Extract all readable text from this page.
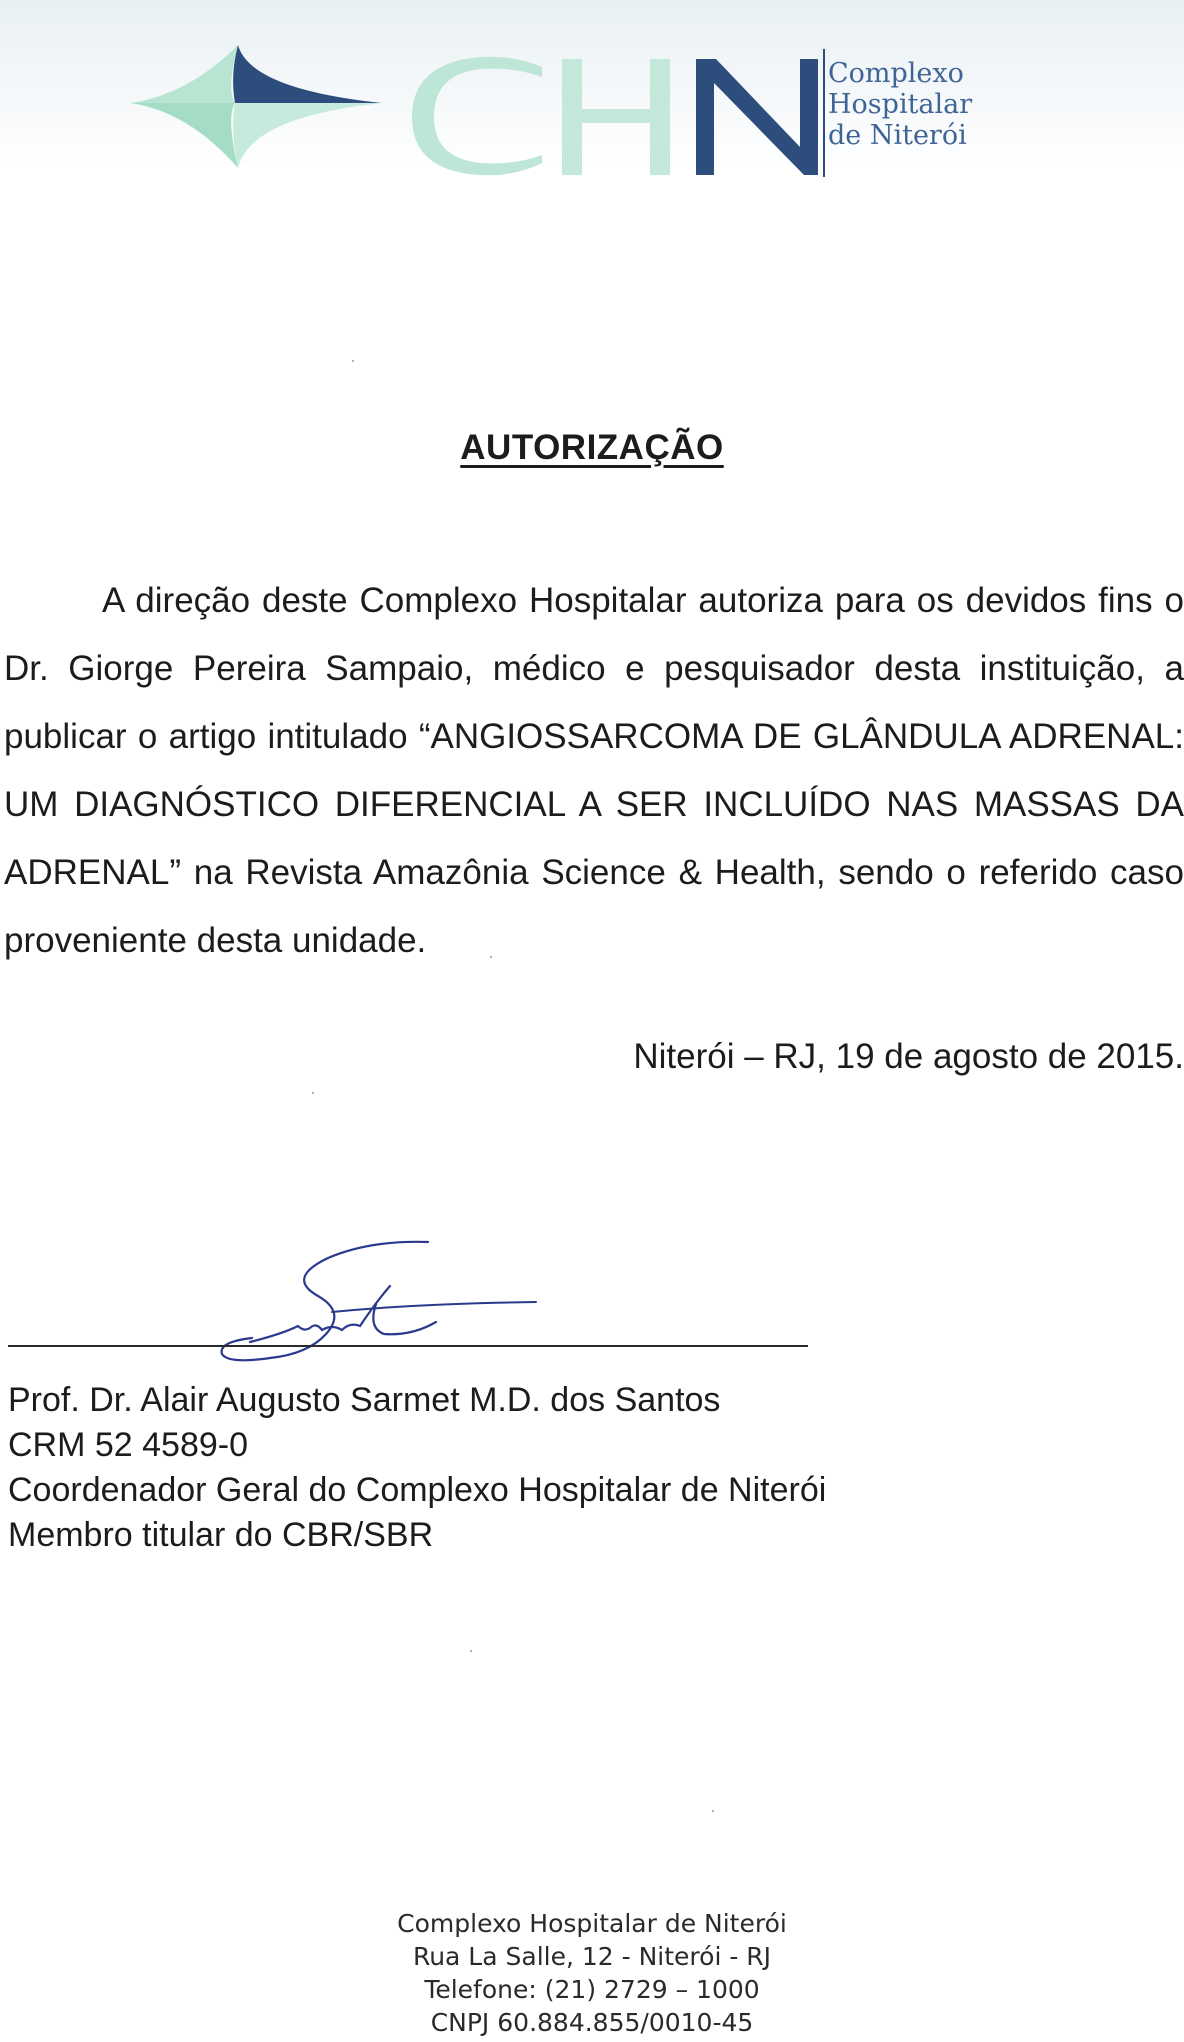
Complexo
Hospitalar
de Niterói
AUTORIZAÇÃO

A direção deste Complexo Hospitalar autoriza para os devidos fins o Dr. Giorge Pereira Sampaio, médico e pesquisador desta instituição, a publicar o artigo intitulado “ANGIOSSARCOMA DE GLÂNDULA ADRENAL: UM DIAGNÓSTICO DIFERENCIAL A SER INCLUÍDO NAS MASSAS DA ADRENAL” na Revista Amazônia Science & Health, sendo o referido caso proveniente desta unidade.

Niterói – RJ, 19 de agosto de 2015.
Prof. Dr. Alair Augusto Sarmet M.D. dos Santos
CRM 52 4589-0
Coordenador Geral do Complexo Hospitalar de Niterói
Membro titular do CBR/SBR
Complexo Hospitalar de Niterói
Rua La Salle, 12 - Niterói - RJ
Telefone: (21) 2729 – 1000
CNPJ 60.884.855/0010-45
